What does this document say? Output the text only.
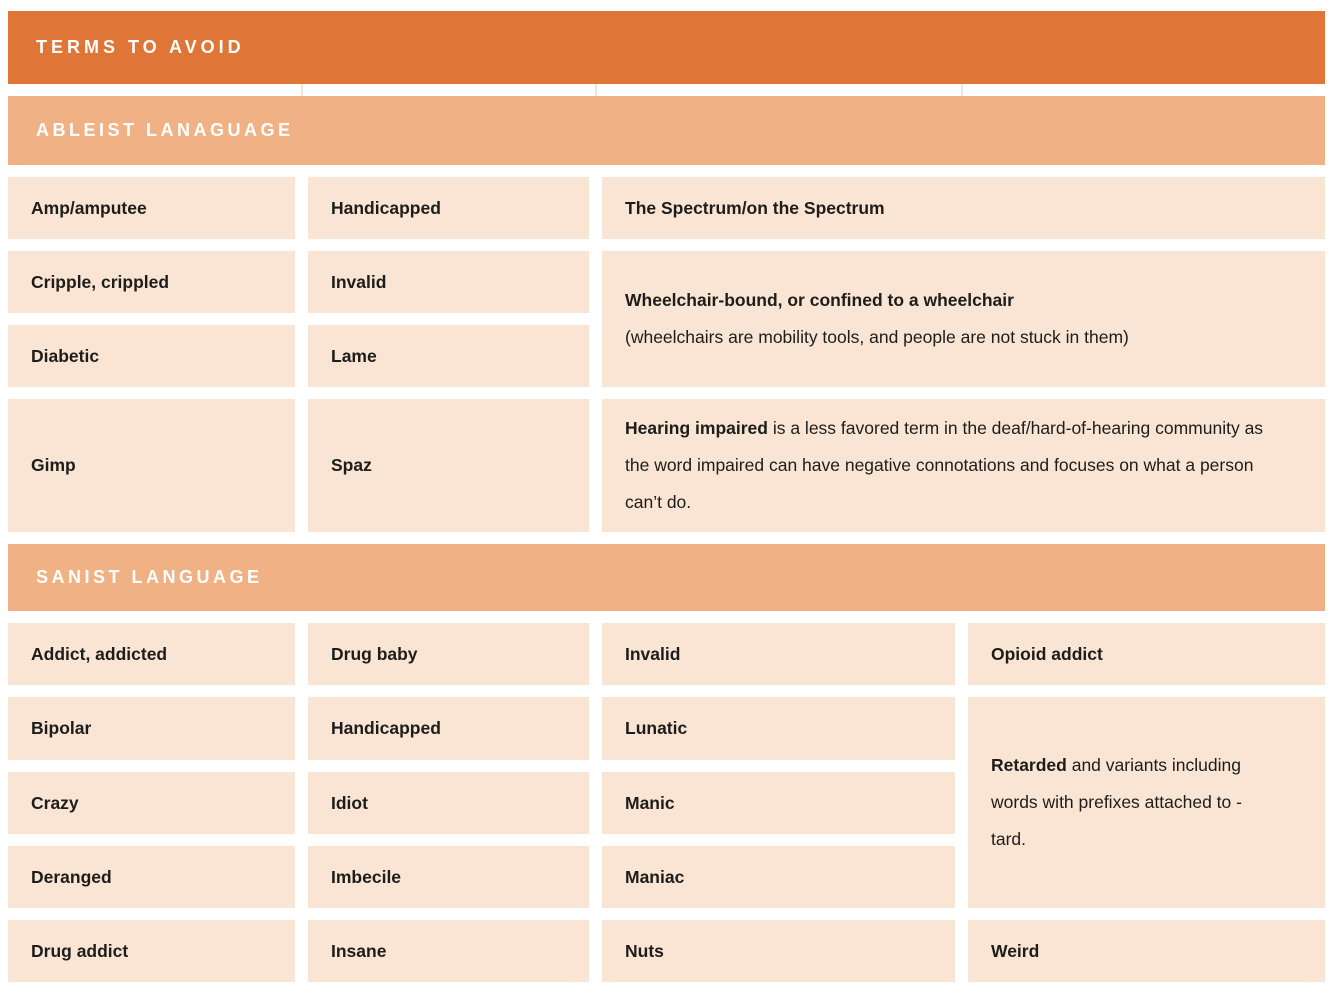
TERMS TO AVOID
ABLEIST LANAGUAGE
Amp/amputee	Handicapped	The Spectrum/on the Spectrum
Cripple, crippled	Invalid
Wheelchair-bound, or confined to a wheelchair
(wheelchairs are mobility tools, and people are not stuck in them)
Diabetic	Lame
Gimp	Spaz

Hearing impaired is a less favored term in the deaf/hard-of-hearing community as the word impaired can have negative connotations and focuses on what a person can’t do.

SANIST LANGUAGE
Addict, addicted	Drug baby	Invalid	Opioid addict
Bipolar	Handicapped	Lunatic

Retarded and variants including words with prefixes attached to -tard.

Crazy	Idiot	Manic
Deranged	Imbecile	Maniac
Drug addict	Insane	Nuts	Weird
